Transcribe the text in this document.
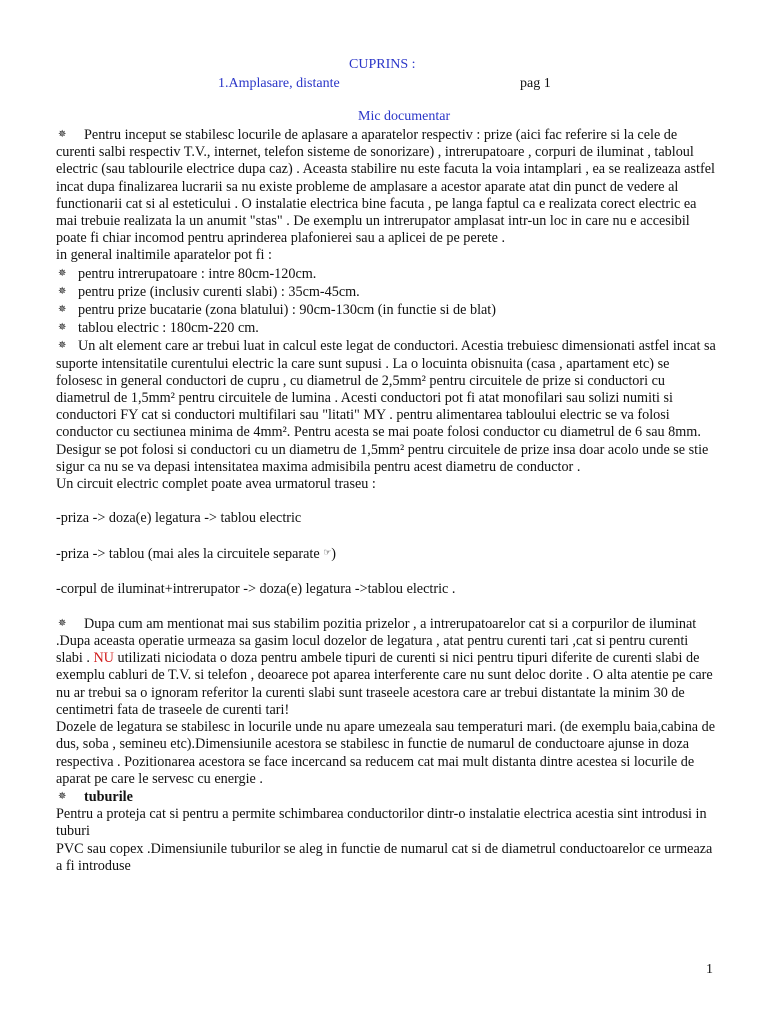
CUPRINS :
1.Amplasare, distante	pag 1
Mic documentar

✵ Pentru inceput se stabilesc locurile de aplasare a aparatelor respectiv : prize (aici fac referire si la cele de curenti salbi respectiv T.V., internet, telefon sisteme de sonorizare) , intrerupatoare , corpuri de iluminat , tabloul electric (sau tablourile electrice dupa caz) . Aceasta stabilire nu este facuta la voia intamplari , ea se realizeaza astfel incat dupa finalizarea lucrarii sa nu existe probleme de amplasare a acestor aparate atat din punct de vedere al functionarii cat si al esteticului . O instalatie electrica bine facuta , pe langa faptul ca e realizata corect electric ea mai trebuie realizata la un anumit "stas" . De exemplu un intrerupator amplasat intr-un loc in care nu e accesibil poate fi chiar incomod pentru aprinderea plafonierei sau a aplicei de pe perete .

in general inaltimile aparatelor pot fi :

✵ pentru intrerupatoare : intre 80cm-120cm.

✵ pentru prize (inclusiv curenti slabi) : 35cm-45cm.

✵ pentru prize bucatarie (zona blatului) : 90cm-130cm (in functie si de blat)

✵ tablou electric : 180cm-220 cm.

✵ Un alt element care ar trebui luat in calcul este legat de conductori. Acestia trebuiesc dimensionati astfel incat sa suporte intensitatile curentului electric la care sunt supusi . La o locuinta obisnuita (casa , apartament etc) se folosesc in general conductori de cupru , cu diametrul de 2,5mm² pentru circuitele de prize si conductori cu diametrul de 1,5mm² pentru circuitele de lumina . Acesti conductori pot fi atat monofilari sau solizi numiti si conductori FY cat si conductori multifilari sau "litati" MY . pentru alimentarea tabloului electric se va folosi conductor cu sectiunea minima de 4mm². Pentru acesta se mai poate folosi conductor cu diametrul de 6 sau 8mm.

Desigur se pot folosi si conductori cu un diametru de 1,5mm² pentru circuitele de prize insa doar acolo unde se stie sigur ca nu se va depasi intensitatea maxima admisibila pentru acest diametru de conductor .

Un circuit electric complet poate avea urmatorul traseu :

-priza -> doza(e) legatura -> tablou electric

-priza -> tablou (mai ales la circuitele separate ☞)

-corpul de iluminat+intrerupator -> doza(e) legatura ->tablou electric .

✵ Dupa cum am mentionat mai sus stabilim pozitia prizelor , a intrerupatoarelor cat si a corpurilor de iluminat .Dupa aceasta operatie urmeaza sa gasim locul dozelor de legatura , atat pentru curenti tari ,cat si pentru curenti slabi . NU utilizati niciodata o doza pentru ambele tipuri de curenti si nici pentru tipuri diferite de curenti slabi de exemplu cabluri de T.V. si telefon , deoarece pot aparea interferente care nu sunt deloc dorite . O alta atentie pe care nu ar trebui sa o ignoram referitor la curenti slabi sunt traseele acestora care ar trebui distantate la minim 30 de centimetri fata de traseele de curenti tari!

Dozele de legatura se stabilesc in locurile unde nu apare umezeala sau temperaturi mari. (de exemplu baia,cabina de dus, soba , semineu etc).Dimensiunile acestora se stabilesc in functie de numarul de conductoare ajunse in doza respectiva . Pozitionarea acestora se face incercand sa reducem cat mai mult distanta dintre acestea si locurile de aparat pe care le servesc cu energie .

✵ tuburile

Pentru a proteja cat si pentru a permite schimbarea conductorilor dintr-o instalatie electrica acestia sint introdusi in tuburi

PVC sau copex .Dimensiunile tuburilor se aleg in functie de numarul cat si de diametrul conductoarelor ce urmeaza a fi introduse

1
